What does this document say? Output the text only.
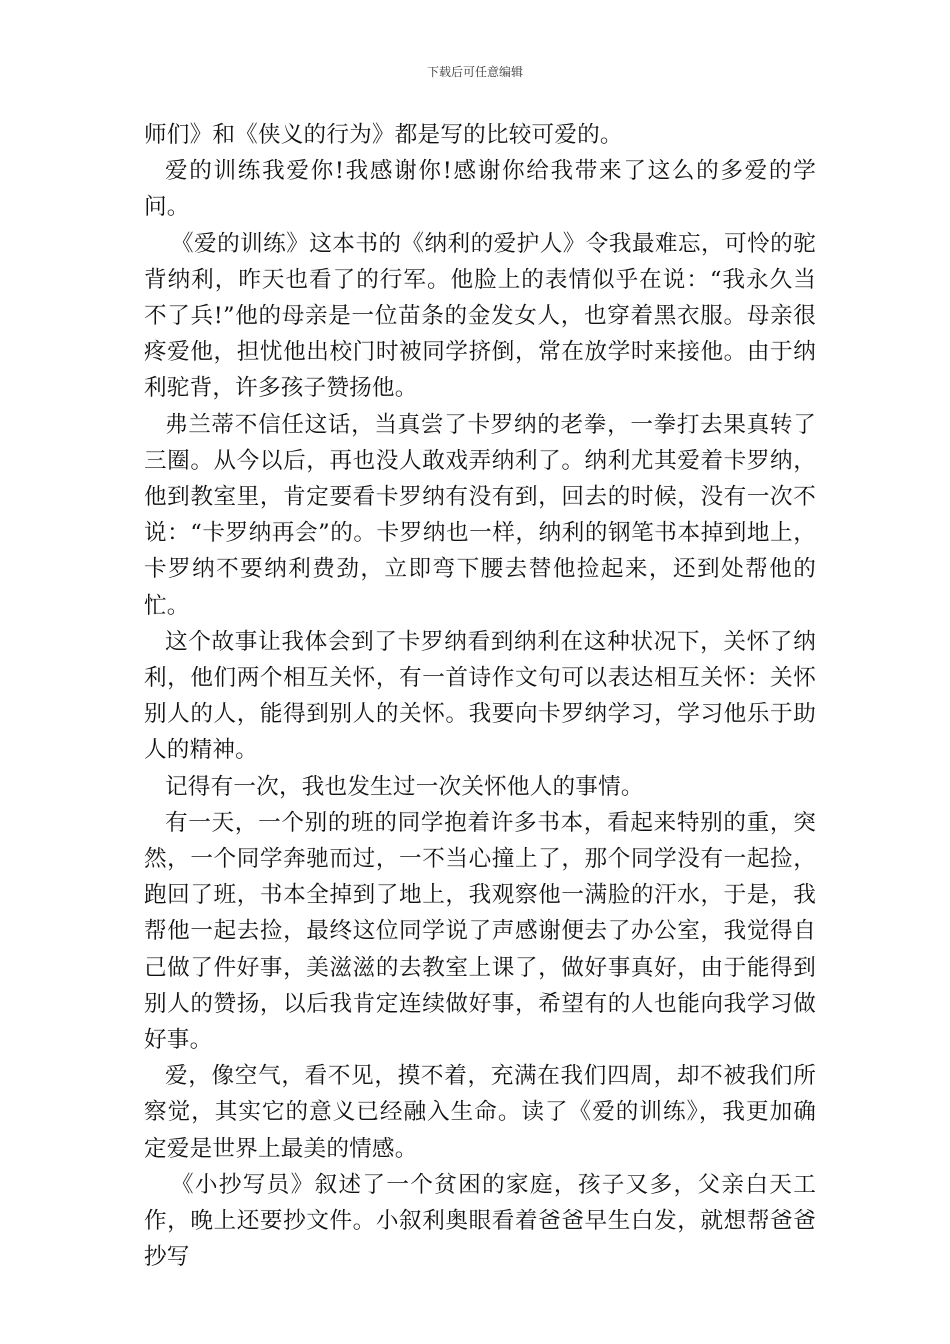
下载后可任意编辑

师们》和《侠义的行为》都是写的比较可爱的。

爱的训练我爱你!我感谢你!感谢你给我带来了这么的多爱的学问。

《爱的训练》这本书的《纳利的爱护人》令我最难忘，可怜的驼背纳利，昨天也看了的行军。他脸上的表情似乎在说：“我永久当不了兵!”他的母亲是一位苗条的金发女人，也穿着黑衣服。母亲很疼爱他，担忧他出校门时被同学挤倒，常在放学时来接他。由于纳利驼背，许多孩子赞扬他。

弗兰蒂不信任这话，当真尝了卡罗纳的老拳，一拳打去果真转了三圈。从今以后，再也没人敢戏弄纳利了。纳利尤其爱着卡罗纳，他到教室里，肯定要看卡罗纳有没有到，回去的时候，没有一次不说：“卡罗纳再会”的。卡罗纳也一样，纳利的钢笔书本掉到地上，卡罗纳不要纳利费劲，立即弯下腰去替他捡起来，还到处帮他的忙。

这个故事让我体会到了卡罗纳看到纳利在这种状况下，关怀了纳利，他们两个相互关怀，有一首诗作文句可以表达相互关怀：关怀别人的人，能得到别人的关怀。我要向卡罗纳学习，学习他乐于助人的精神。

记得有一次，我也发生过一次关怀他人的事情。

有一天，一个别的班的同学抱着许多书本，看起来特别的重，突然，一个同学奔驰而过，一不当心撞上了，那个同学没有一起捡，跑回了班，书本全掉到了地上，我观察他一满脸的汗水，于是，我帮他一起去捡，最终这位同学说了声感谢便去了办公室，我觉得自己做了件好事，美滋滋的去教室上课了，做好事真好，由于能得到别人的赞扬，以后我肯定连续做好事，希望有的人也能向我学习做好事。

爱，像空气，看不见，摸不着，充满在我们四周，却不被我们所察觉，其实它的意义已经融入生命。读了《爱的训练》，我更加确定爱是世界上最美的情感。

《小抄写员》叙述了一个贫困的家庭，孩子又多，父亲白天工作，晚上还要抄文件。小叙利奥眼看着爸爸早生白发，就想帮爸爸抄写
